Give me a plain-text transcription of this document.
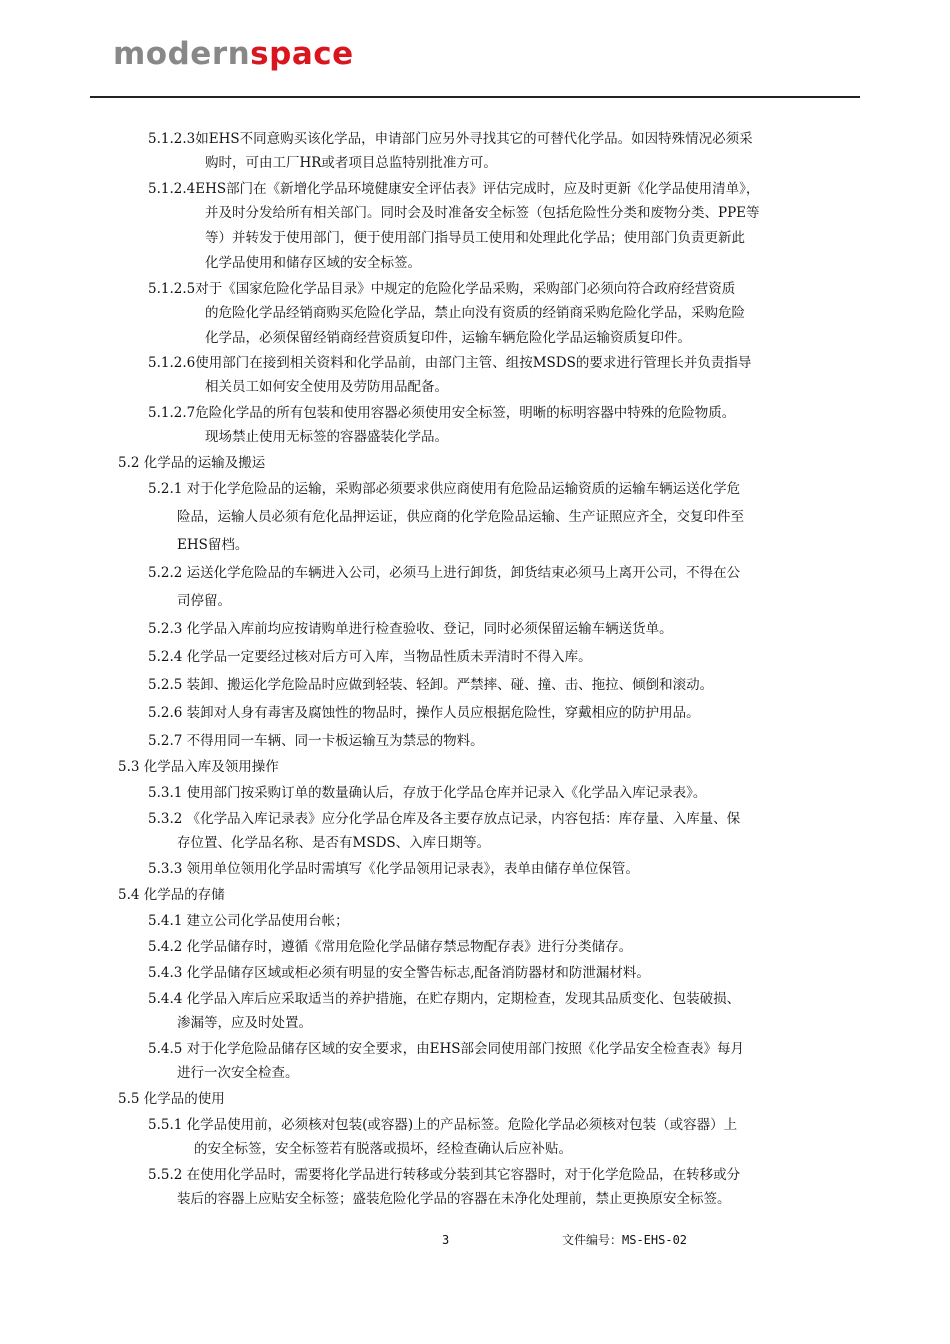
modernspace
5.1.2.3如EHS不同意购买该化学品，申请部门应另外寻找其它的可替代化学品。如因特殊情况必须采
购时，可由工厂HR或者项目总监特别批准方可。
5.1.2.4EHS部门在《新增化学品环境健康安全评估表》评估完成时，应及时更新《化学品使用清单》，
并及时分发给所有相关部门。同时会及时准备安全标签（包括危险性分类和废物分类、PPE等
等）并转发于使用部门，便于使用部门指导员工使用和处理此化学品；使用部门负责更新此
化学品使用和储存区域的安全标签。
5.1.2.5对于《国家危险化学品目录》中规定的危险化学品采购，采购部门必须向符合政府经营资质
的危险化学品经销商购买危险化学品，禁止向没有资质的经销商采购危险化学品，采购危险
化学品，必须保留经销商经营资质复印件，运输车辆危险化学品运输资质复印件。
5.1.2.6使用部门在接到相关资料和化学品前，由部门主管、组按MSDS的要求进行管理长并负责指导
相关员工如何安全使用及劳防用品配备。
5.1.2.7危险化学品的所有包装和使用容器必须使用安全标签，明晰的标明容器中特殊的危险物质。
现场禁止使用无标签的容器盛装化学品。
5.2 化学品的运输及搬运
5.2.1 对于化学危险品的运输，采购部必须要求供应商使用有危险品运输资质的运输车辆运送化学危
险品，运输人员必须有危化品押运证，供应商的化学危险品运输、生产证照应齐全，交复印件至
EHS留档。
5.2.2 运送化学危险品的车辆进入公司，必须马上进行卸货，卸货结束必须马上离开公司，不得在公
司停留。
5.2.3 化学品入库前均应按请购单进行检查验收、登记，同时必须保留运输车辆送货单。
5.2.4 化学品一定要经过核对后方可入库，当物品性质未弄清时不得入库。
5.2.5 装卸、搬运化学危险品时应做到轻装、轻卸。严禁摔、碰、撞、击、拖拉、倾倒和滚动。
5.2.6 装卸对人身有毒害及腐蚀性的物品时，操作人员应根据危险性，穿戴相应的防护用品。
5.2.7 不得用同一车辆、同一卡板运输互为禁忌的物料。
5.3 化学品入库及领用操作
5.3.1 使用部门按采购订单的数量确认后，存放于化学品仓库并记录入《化学品入库记录表》。
5.3.2 《化学品入库记录表》应分化学品仓库及各主要存放点记录，内容包括：库存量、入库量、保
存位置、化学品名称、是否有MSDS、入库日期等。
5.3.3 领用单位领用化学品时需填写《化学品领用记录表》，表单由储存单位保管。
5.4 化学品的存储
5.4.1 建立公司化学品使用台帐；
5.4.2 化学品储存时，遵循《常用危险化学品储存禁忌物配存表》进行分类储存。
5.4.3 化学品储存区域或柜必须有明显的安全警告标志,配备消防器材和防泄漏材料。
5.4.4 化学品入库后应采取适当的养护措施，在贮存期内，定期检查，发现其品质变化、包装破损、
渗漏等，应及时处置。
5.4.5 对于化学危险品储存区域的安全要求，由EHS部会同使用部门按照《化学品安全检查表》每月
进行一次安全检查。
5.5 化学品的使用
5.5.1 化学品使用前，必须核对包装(或容器)上的产品标签。危险化学品必须核对包装（或容器）上
的安全标签，安全标签若有脱落或损坏，经检查确认后应补贴。
5.5.2 在使用化学品时，需要将化学品进行转移或分装到其它容器时，对于化学危险品，在转移或分
装后的容器上应贴安全标签；盛装危险化学品的容器在未净化处理前，禁止更换原安全标签。
3	文件编号：MS-EHS-02
